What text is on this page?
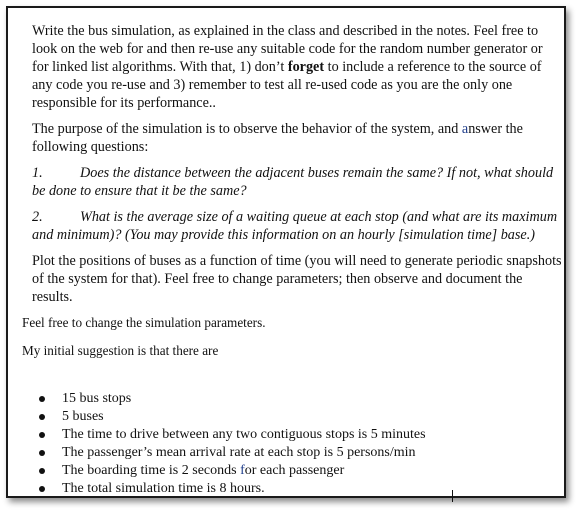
Write the bus simulation, as explained in the class and described in the notes. Feel free to look on the web for and then re-use any suitable code for the random number generator or for linked list algorithms. With that, 1) don’t forget to include a reference to the source of any code you re-use and 3) remember to test all re-used code as you are the only one responsible for its performance..

The purpose of the simulation is to observe the behavior of the system, and answer the following questions:

1.	Does the distance between the adjacent buses remain the same? If not, what should be done to ensure that it be the same?

2.	What is the average size of a waiting queue at each stop (and what are its maximum and minimum)? (You may provide this information on an hourly [simulation time] base.)

Plot the positions of buses as a function of time (you will need to generate periodic snapshots of the system for that). Feel free to change parameters; then observe and document the results.

Feel free to change the simulation parameters.
My initial suggestion is that there are
15 bus stops
5 buses
The time to drive between any two contiguous stops is 5 minutes
The passenger’s mean arrival rate at each stop is 5 persons/min
The boarding time is 2 seconds for each passenger
The total simulation time is 8 hours.
